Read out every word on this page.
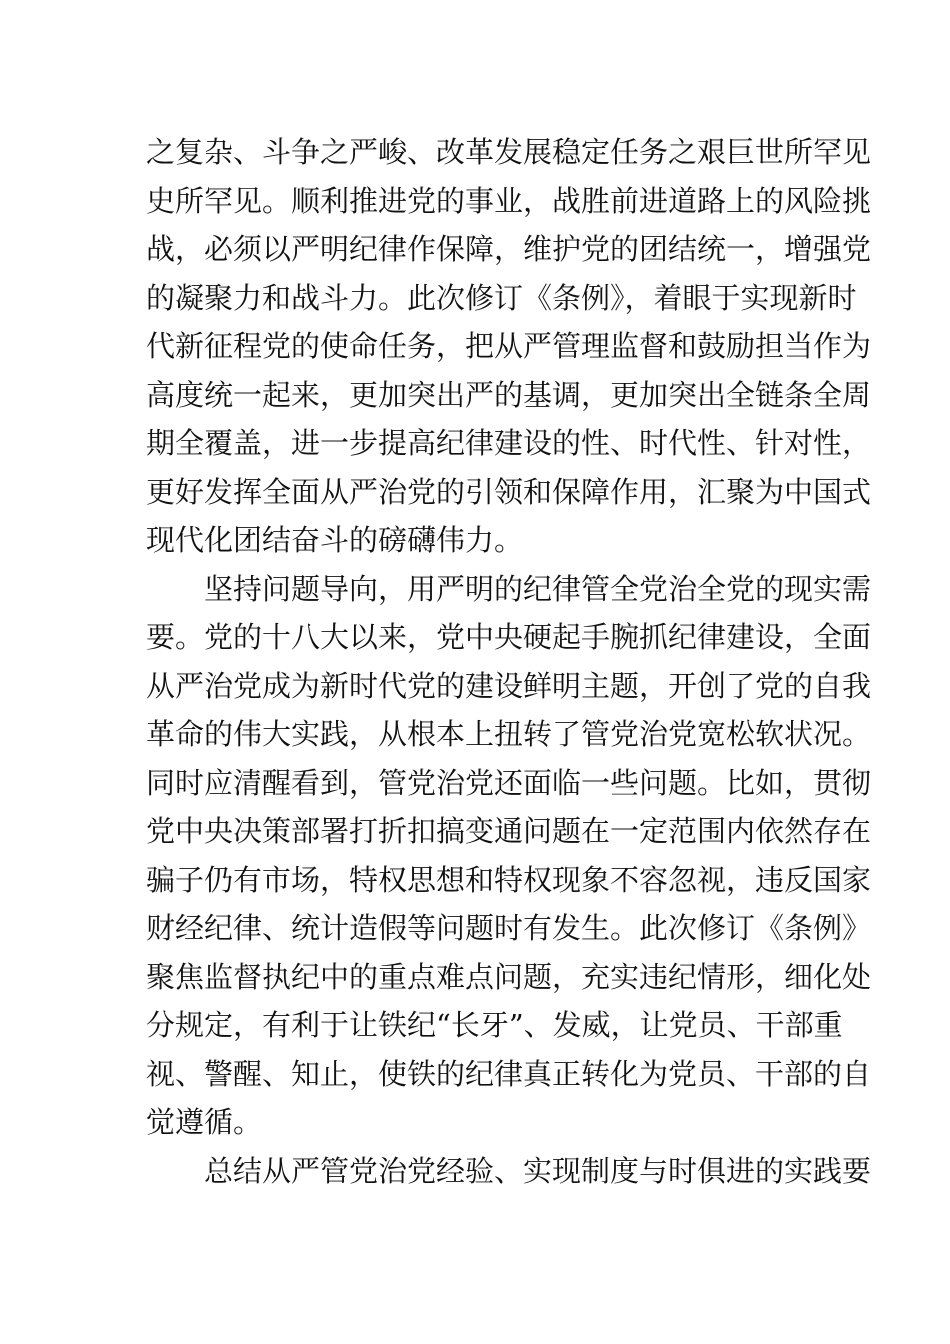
之复杂、斗争之严峻、改革发展稳定任务之艰巨世所罕见
史所罕见。顺利推进党的事业，战胜前进道路上的风险挑
战，必须以严明纪律作保障，维护党的团结统一，增强党
的凝聚力和战斗力。此次修订《条例》，着眼于实现新时
代新征程党的使命任务，把从严管理监督和鼓励担当作为
高度统一起来，更加突出严的基调，更加突出全链条全周
期全覆盖，进一步提高纪律建设的性、时代性、针对性，
更好发挥全面从严治党的引领和保障作用，汇聚为中国式
现代化团结奋斗的磅礴伟力。
坚持问题导向，用严明的纪律管全党治全党的现实需
要。党的十八大以来，党中央硬起手腕抓纪律建设，全面
从严治党成为新时代党的建设鲜明主题，开创了党的自我
革命的伟大实践，从根本上扭转了管党治党宽松软状况。
同时应清醒看到，管党治党还面临一些问题。比如，贯彻
党中央决策部署打折扣搞变通问题在一定范围内依然存在
骗子仍有市场，特权思想和特权现象不容忽视，违反国家
财经纪律、统计造假等问题时有发生。此次修订《条例》
聚焦监督执纪中的重点难点问题，充实违纪情形，细化处
分规定，有利于让铁纪“长牙”、发威，让党员、干部重
视、警醒、知止，使铁的纪律真正转化为党员、干部的自
觉遵循。
总结从严管党治党经验、实现制度与时俱进的实践要
